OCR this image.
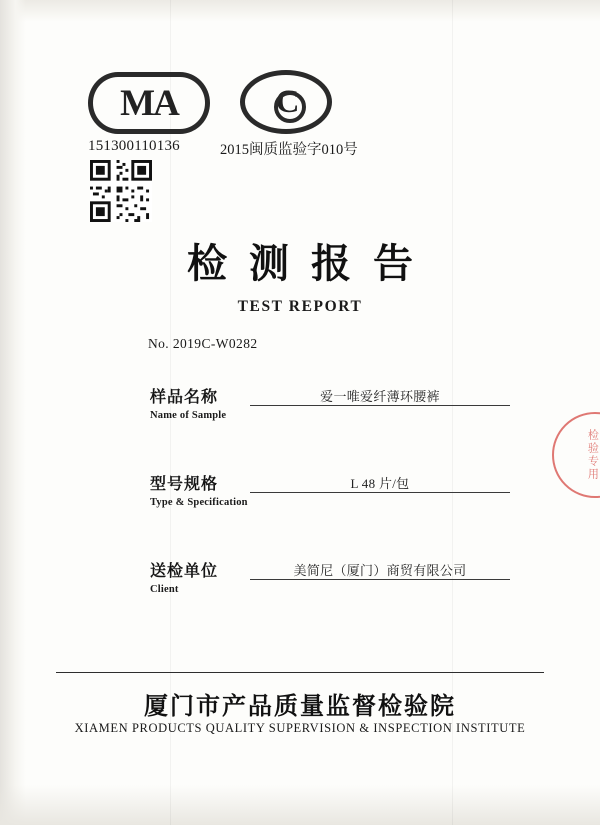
MA	C
151300110136	2015闽质监验字010号
检测报告
TEST REPORT
No. 2019C-W0282
样品名称
Name of Sample
爱一唯爱纤薄环腰裤
型号规格
Type & Specification
L 48 片/包
送检单位
Client
美简尼（厦门）商贸有限公司
检验专用
厦门市产品质量监督检验院
XIAMEN PRODUCTS QUALITY SUPERVISION & INSPECTION INSTITUTE
